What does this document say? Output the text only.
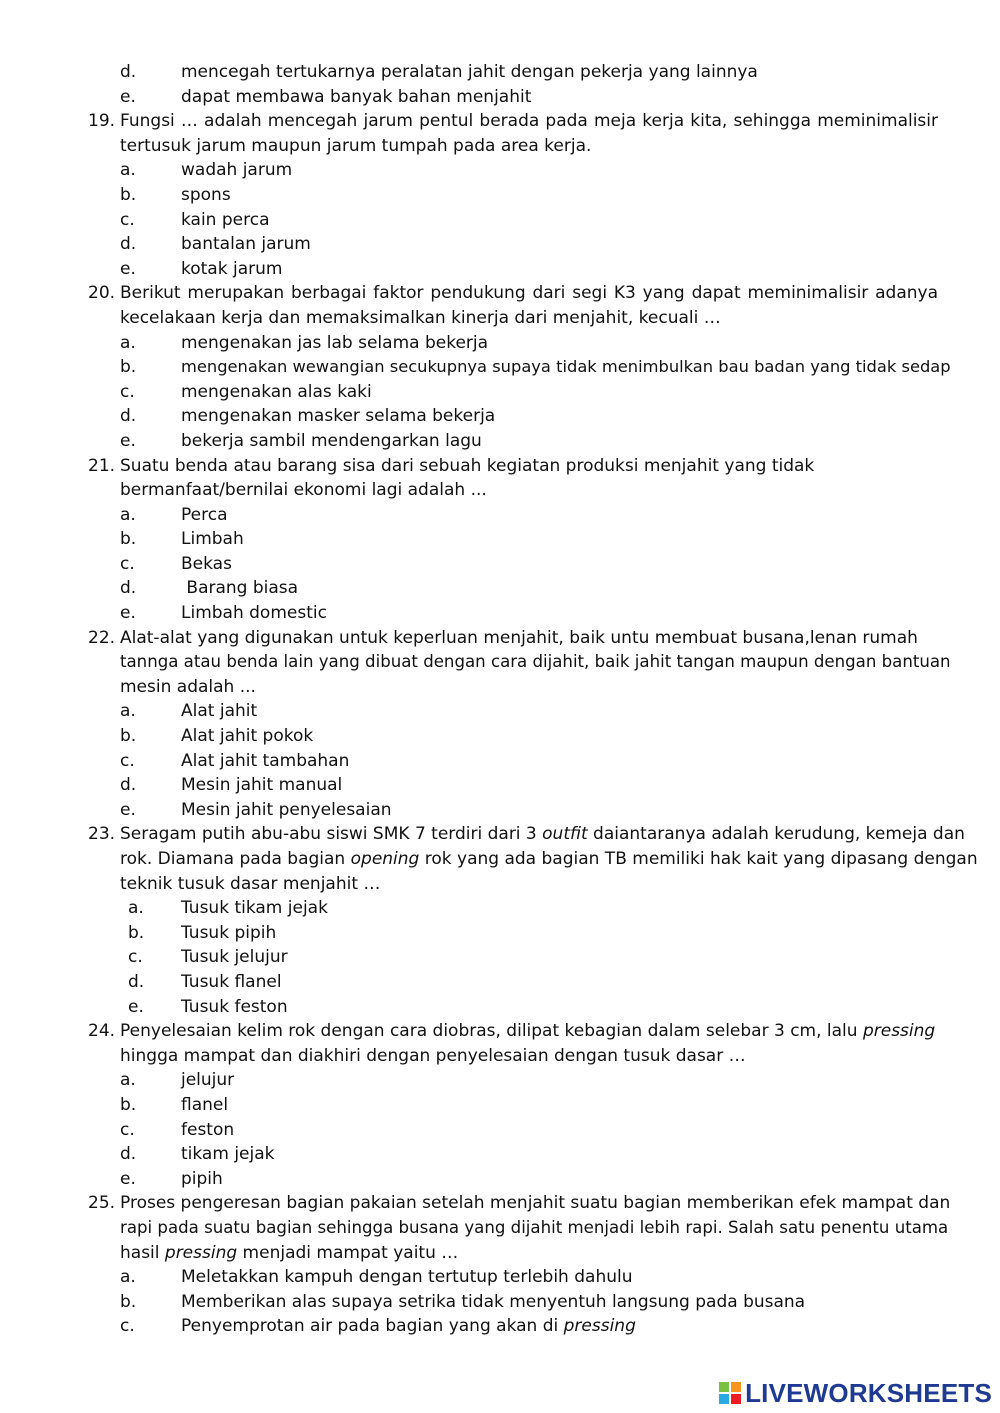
d.	mencegah tertukarnya peralatan jahit dengan pekerja yang lainnya
e.	dapat membawa banyak bahan menjahit
19. Fungsi … adalah mencegah jarum pentul berada pada meja kerja kita, sehingga meminimalisir tertusuk jarum maupun jarum tumpah pada area kerja.
a.	wadah jarum
b.	spons
c.	kain perca
d.	bantalan jarum
e.	kotak jarum
20. Berikut merupakan berbagai faktor pendukung dari segi K3 yang dapat meminimalisir adanya kecelakaan kerja dan memaksimalkan kinerja dari menjahit, kecuali …
a.	mengenakan jas lab selama bekerja
b.	mengenakan wewangian secukupnya supaya tidak menimbulkan bau badan yang tidak sedap
c.	mengenakan alas kaki
d.	mengenakan masker selama bekerja
e.	bekerja sambil mendengarkan lagu
21. Suatu benda atau barang sisa dari sebuah kegiatan produksi menjahit yang tidak
bermanfaat/bernilai ekonomi lagi adalah ...
a.	Perca
b.	Limbah
c.	Bekas
d.	Barang biasa
e.	Limbah domestic
22. Alat-alat yang digunakan untuk keperluan menjahit, baik untu membuat busana,lenan rumah
tannga atau benda lain yang dibuat dengan cara dijahit, baik jahit tangan maupun dengan bantuan
mesin adalah ...
a.	Alat jahit
b.	Alat jahit pokok
c.	Alat jahit tambahan
d.	Mesin jahit manual
e.	Mesin jahit penyelesaian
23. Seragam putih abu-abu siswi SMK 7 terdiri dari 3 outfit daiantaranya adalah kerudung, kemeja dan
rok. Diamana pada bagian opening rok yang ada bagian TB memiliki hak kait yang dipasang dengan
teknik tusuk dasar menjahit …
a. Tusuk tikam jejak
b. Tusuk pipih
c. Tusuk jelujur
d. Tusuk flanel
e. Tusuk feston
24. Penyelesaian kelim rok dengan cara diobras, dilipat kebagian dalam selebar 3 cm, lalu pressing
hingga mampat dan diakhiri dengan penyelesaian dengan tusuk dasar …
a.	jelujur
b.	flanel
c.	feston
d.	tikam jejak
e.	pipih
25. Proses pengeresan bagian pakaian setelah menjahit suatu bagian memberikan efek mampat dan
rapi pada suatu bagian sehingga busana yang dijahit menjadi lebih rapi. Salah satu penentu utama
hasil pressing menjadi mampat yaitu …
a.	Meletakkan kampuh dengan tertutup terlebih dahulu
b.	Memberikan alas supaya setrika tidak menyentuh langsung pada busana
c.	Penyemprotan air pada bagian yang akan di pressing
LIVEWORKSHEETS
